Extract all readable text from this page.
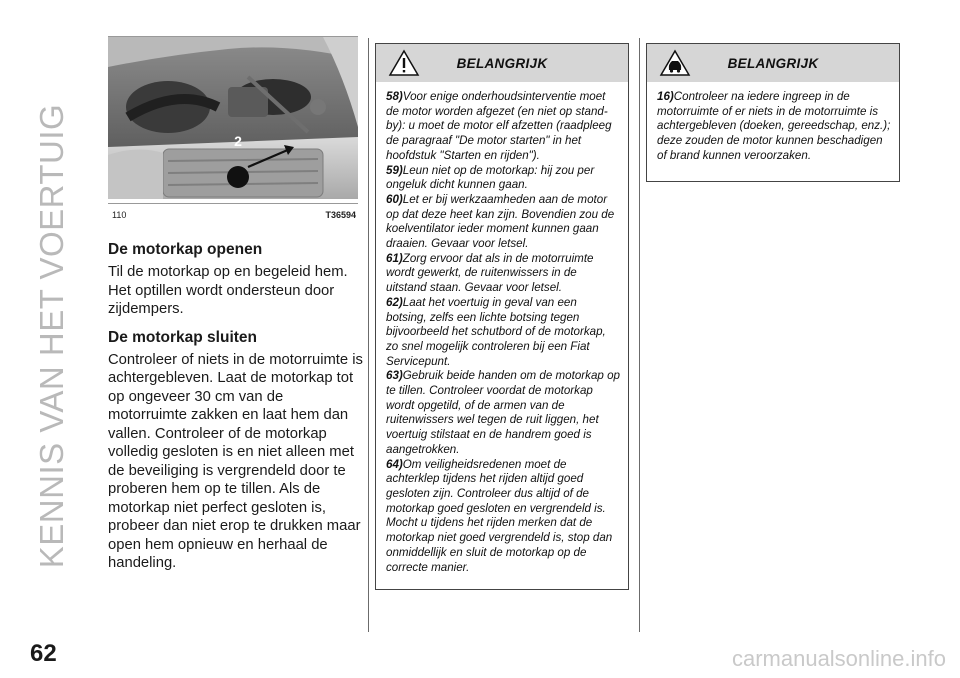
KENNIS VAN HET VOERTUIG
62
2
110	T36594
De motorkap openen

Til de motorkap op en begeleid hem. Het optillen wordt ondersteun door zijdempers.

De motorkap sluiten

Controleer of niets in de motorruimte is achtergebleven. Laat de motorkap tot op ongeveer 30 cm van de motorruimte zakken en laat hem dan vallen. Controleer of de motorkap volledig gesloten is en niet alleen met de beveiliging is vergrendeld door te proberen hem op te tillen. Als de motorkap niet perfect gesloten is, probeer dan niet erop te drukken maar open hem opnieuw en herhaal de handeling.

BELANGRIJK
58)Voor enige onderhoudsinterventie moet de motor worden afgezet (en niet op stand-by): u moet de motor elf afzetten (raadpleeg de paragraaf "De motor starten" in het hoofdstuk "Starten en rijden").
59)Leun niet op de motorkap: hij zou per ongeluk dicht kunnen gaan.
60)Let er bij werkzaamheden aan de motor op dat deze heet kan zijn. Bovendien zou de koelventilator ieder moment kunnen gaan draaien. Gevaar voor letsel.
61)Zorg ervoor dat als in de motorruimte wordt gewerkt, de ruitenwissers in de uitstand staan. Gevaar voor letsel.
62)Laat het voertuig in geval van een botsing, zelfs een lichte botsing tegen bijvoorbeeld het schutbord of de motorkap, zo snel mogelijk controleren bij een Fiat Servicepunt.
63)Gebruik beide handen om de motorkap op te tillen. Controleer voordat de motorkap wordt opgetild, of de armen van de ruitenwissers wel tegen de ruit liggen, het voertuig stilstaat en de handrem goed is aangetrokken.
64)Om veiligheidsredenen moet de achterklep tijdens het rijden altijd goed gesloten zijn. Controleer dus altijd of de motorkap goed gesloten en vergrendeld is. Mocht u tijdens het rijden merken dat de motorkap niet goed vergrendeld is, stop dan onmiddellijk en sluit de motorkap op de correcte manier.
BELANGRIJK
16)Controleer na iedere ingreep in de motorruimte of er niets in de motorruimte is achtergebleven (doeken, gereedschap, enz.); deze zouden de motor kunnen beschadigen of brand kunnen veroorzaken.
carmanualsonline.info
